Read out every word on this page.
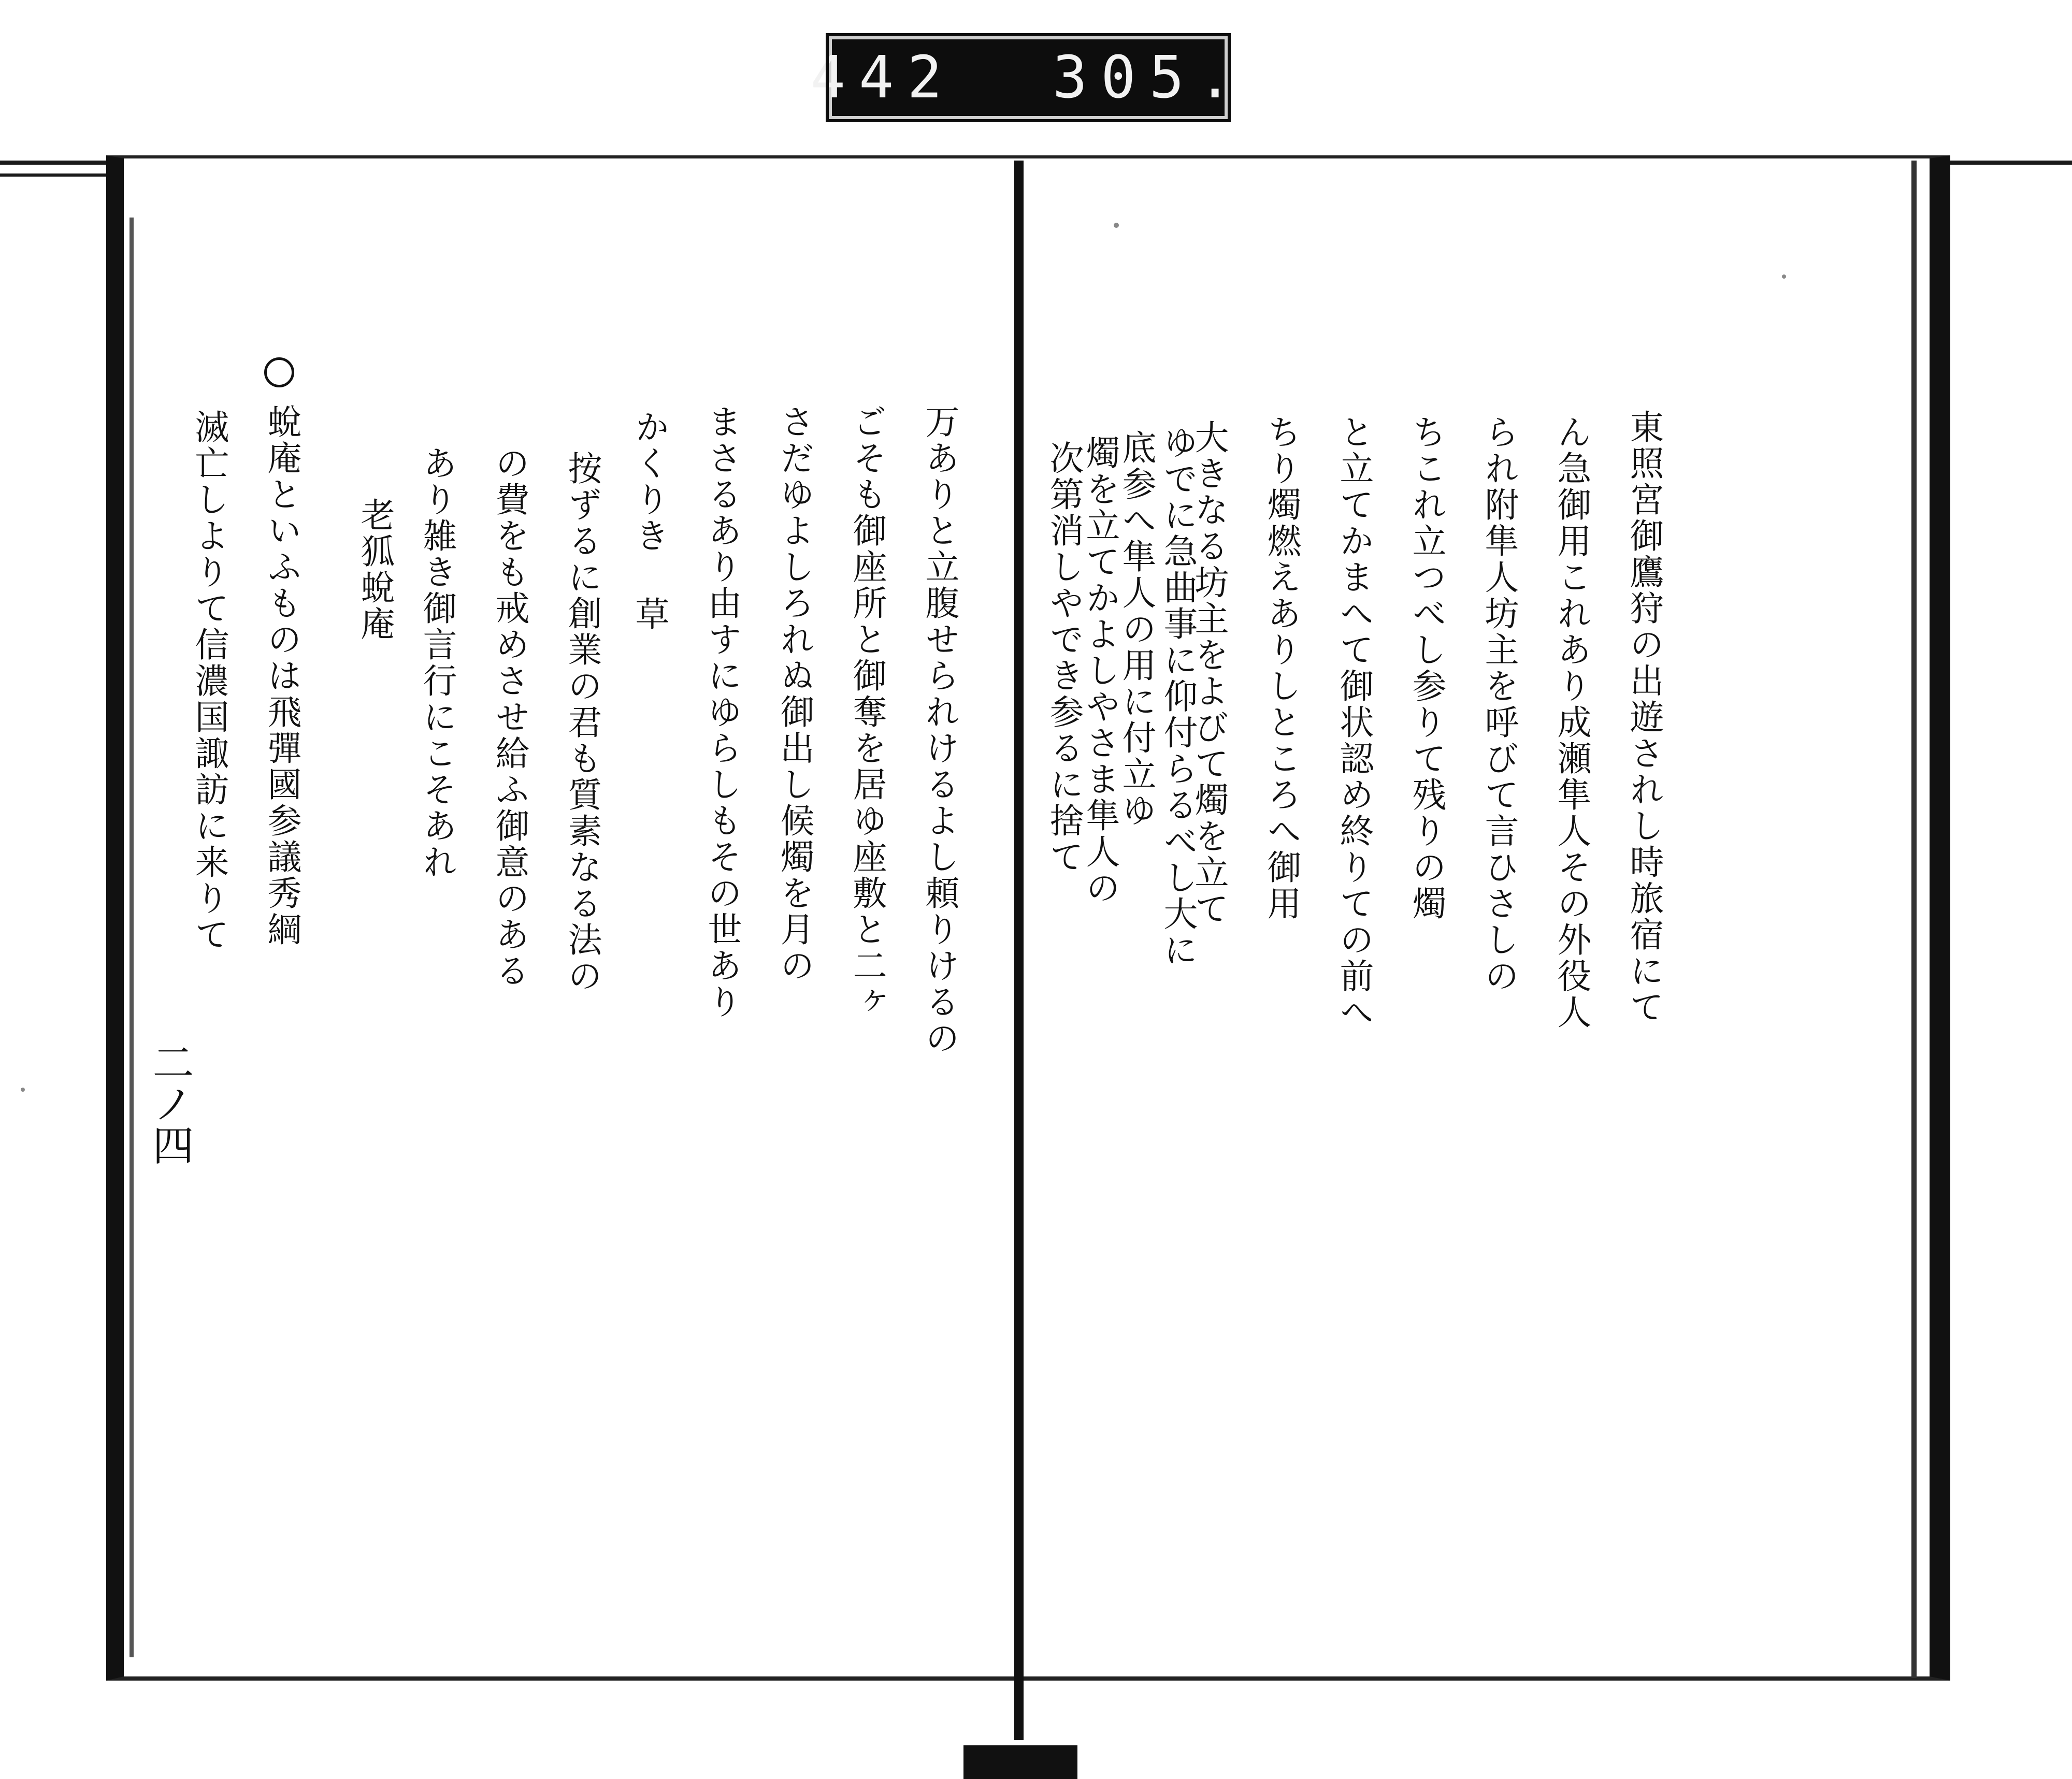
442  305.
東照宮御鷹狩の出遊されし時旅宿にて
ん急御用これあり成瀬隼人その外役人
られ附隼人坊主を呼びて言ひさしの
ちこれ立つべし参りて残りの燭
と立てかまへて御状認め終りての前へ
ちり燭燃えありしところへ御用
大きなる坊主をよびて燭を立て
ゆでに急曲事に仰付らるべし大に
底参へ隼人の用に付立ゆ
燭を立てかよしやさま隼人の
次第消しやでき参るに捨て
万ありと立腹せられけるよし頼りけるの
ごそも御座所と御奪を居ゆ座敷と二ヶ
さだゆよしろれぬ御出し候燭を月の
まさるあり由すにゆらしもその世あり
かくりき 草
按ずるに創業の君も質素なる法の
の費をも戒めさせ給ふ御意のある
あり雑き御言行にこそあれ
老狐蛻庵
蛻庵といふものは飛彈國参議秀綱
滅亡しよりて信濃国諏訪に来りて
二ノ四
